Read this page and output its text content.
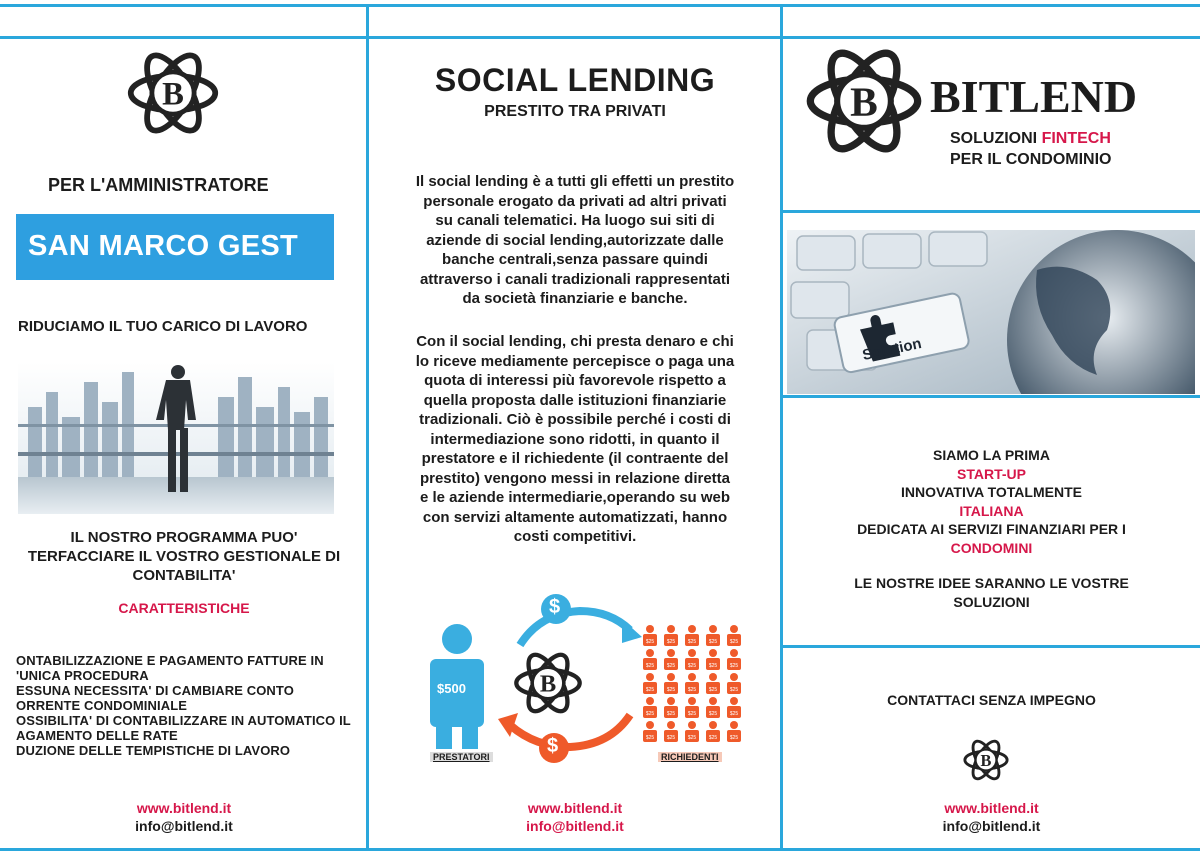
PER L'AMMINISTRATORE
SAN MARCO GEST
RIDUCIAMO IL TUO CARICO DI LAVORO
IL NOSTRO PROGRAMMA PUO'
TERFACCIARE IL VOSTRO GESTIONALE DI
CONTABILITA'
CARATTERISTICHE
ONTABILIZZAZIONE E PAGAMENTO FATTURE IN
'UNICA PROCEDURA
ESSUNA NECESSITA' DI CAMBIARE CONTO
ORRENTE CONDOMINIALE
OSSIBILITA' DI CONTABILIZZARE IN AUTOMATICO IL
AGAMENTO DELLE RATE
DUZIONE DELLE TEMPISTICHE DI LAVORO
www.bitlend.it
info@bitlend.it
SOCIAL LENDING
PRESTITO TRA PRIVATI
Il social lending è a tutti gli effetti un prestito
personale erogato da privati ad altri privati
su canali telematici. Ha luogo sui siti di
aziende di social lending,autorizzate dalle
banche centrali,senza passare quindi
attraverso i canali tradizionali rappresentati
da società finanziarie e banche.
Con il social lending, chi presta denaro e chi
lo riceve mediamente percepisce o paga una
quota di interessi più favorevole rispetto a
quella proposta dalle istituzioni finanziarie
tradizionali. Ciò è possibile perché i costi di
intermediazione sono ridotti, in quanto il
prestatore e il richiedente (il contraente del
prestito) vengono messi in relazione diretta
e le aziende intermediarie,operando su web
con servizi altamente automatizzati, hanno
costi competitivi.
$500
PRESTATORI
$
$
$25	$25	$25	$25	$25
$25	$25	$25	$25	$25
$25	$25	$25	$25	$25
$25	$25	$25	$25	$25
$25	$25	$25	$25	$25
RICHIEDENTI
www.bitlend.it
info@bitlend.it
BITLEND
SOLUZIONI FINTECH
PER IL CONDOMINIO
Solution
SIAMO LA PRIMA
START-UP
INNOVATIVA TOTALMENTE
ITALIANA
DEDICATA AI SERVIZI FINANZIARI PER I
CONDOMINI
LE NOSTRE IDEE SARANNO LE VOSTRE
SOLUZIONI
CONTATTACI SENZA IMPEGNO
www.bitlend.it
info@bitlend.it
